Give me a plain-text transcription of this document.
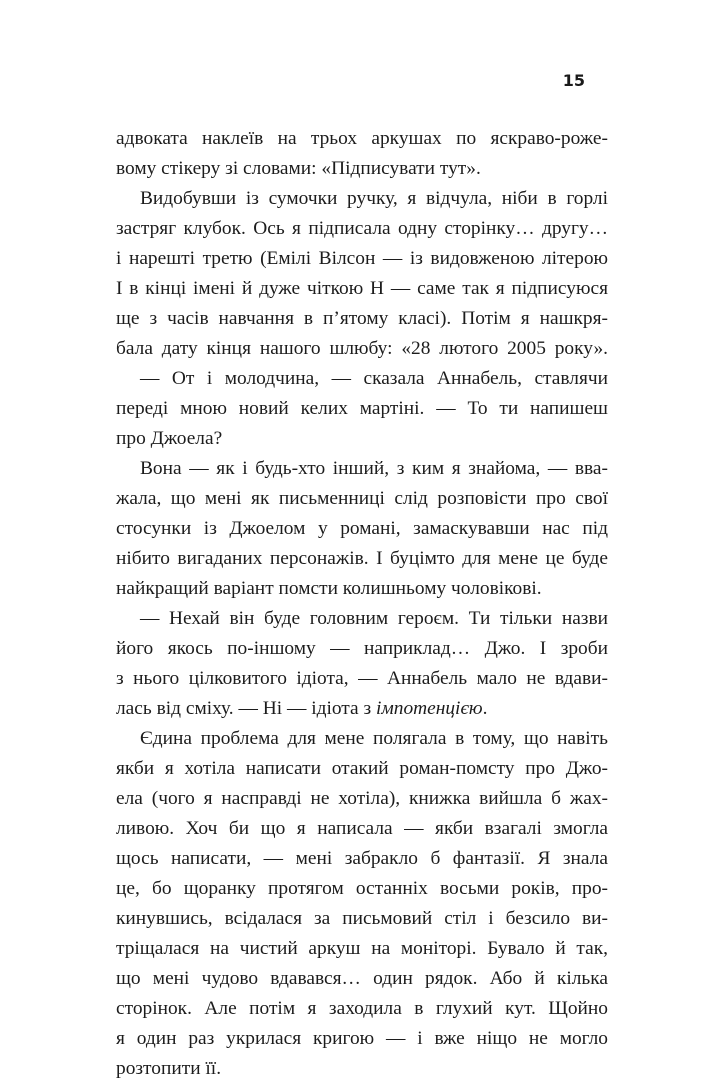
15
адвоката наклеїв на трьох аркушах по яскраво-роже-
вому стікеру зі словами: «Підписувати тут».
Видобувши із сумочки ручку, я відчула, ніби в горлі
застряг клубок. Ось я підписала одну сторінку… другу…
і нарешті третю (Емілі Вілсон — із видовженою літерою
I в кінці імені й дуже чіткою Н — саме так я підписуюся
ще з часів навчання в п’ятому класі). Потім я нашкря-
бала дату кінця нашого шлюбу: «28 лютого 2005 року».
— От і молодчина, — сказала Аннабель, ставлячи
переді мною новий келих мартіні. — То ти напишеш
про Джоела?
Вона — як і будь-хто інший, з ким я знайома, — вва-
жала, що мені як письменниці слід розповісти про свої
стосунки із Джоелом у романі, замаскувавши нас під
нібито вигаданих персонажів. І буцімто для мене це буде
найкращий варіант помсти колишньому чоловікові.
— Нехай він буде головним героєм. Ти тільки назви
його якось по-іншому — наприклад… Джо. І зроби
з нього цілковитого ідіота, — Аннабель мало не вдави-
лась від сміху. — Ні — ідіота з імпотенцією.
Єдина проблема для мене полягала в тому, що навіть
якби я хотіла написати отакий роман-помсту про Джо-
ела (чого я насправді не хотіла), книжка вийшла б жах-
ливою. Хоч би що я написала — якби взагалі змогла
щось написати, — мені забракло б фантазії. Я знала
це, бо щоранку протягом останніх восьми років, про-
кинувшись, всідалася за письмовий стіл і безсило ви-
тріщалася на чистий аркуш на моніторі. Бувало й так,
що мені чудово вдавався… один рядок. Або й кілька
сторінок. Але потім я заходила в глухий кут. Щойно
я один раз укрилася кригою — і вже ніщо не могло
розтопити її.
